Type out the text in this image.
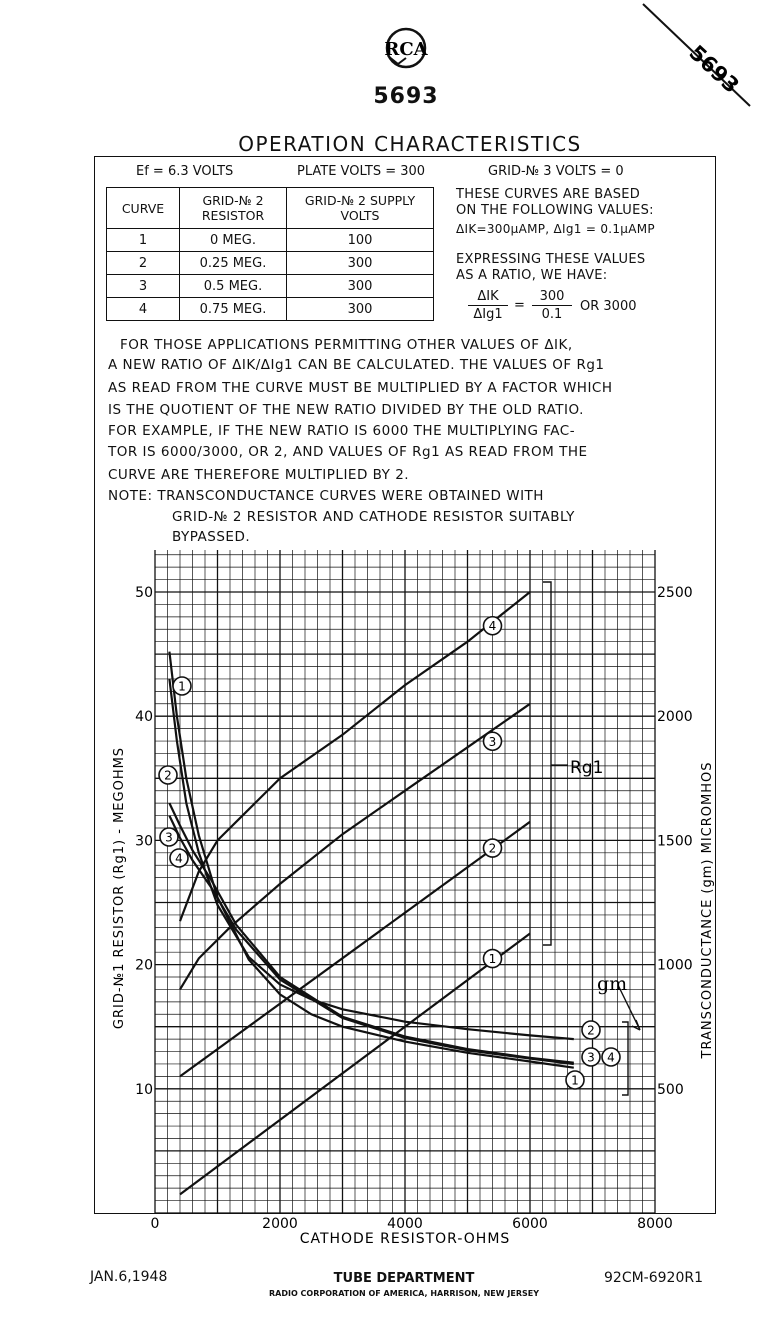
5693
RCA
5693
OPERATION CHARACTERISTICS
Ef = 6.3 VOLTS	PLATE VOLTS = 300	GRID-№ 3 VOLTS = 0
CURVE	GRID-№ 2 RESISTOR	GRID-№ 2 SUPPLY VOLTS
1	0 MEG.	100
2	0.25 MEG.	300
3	0.5 MEG.	300
4	0.75 MEG.	300
THESE CURVES ARE BASED
ON THE FOLLOWING VALUES:
ΔIK=300μAMP, ΔIg1 = 0.1μAMP
EXPRESSING THESE VALUES
AS A RATIO, WE HAVE:
ΔIK
ΔIg1
=
300
0.1
OR 3000
FOR THOSE APPLICATIONS PERMITTING OTHER VALUES OF ΔIK,
A NEW RATIO OF ΔIK/ΔIg1 CAN BE CALCULATED. THE VALUES OF Rg1
AS READ FROM THE CURVE MUST BE MULTIPLIED BY A FACTOR WHICH
IS THE QUOTIENT OF THE NEW RATIO DIVIDED BY THE OLD RATIO.
FOR EXAMPLE, IF THE NEW RATIO IS 6000 THE MULTIPLYING FAC-
TOR IS 6000/3000, OR 2, AND VALUES OF Rg1 AS READ FROM THE
CURVE ARE THEREFORE MULTIPLIED BY 2.
NOTE: TRANSCONDUCTANCE CURVES WERE OBTAINED WITH
GRID-№ 2 RESISTOR AND CATHODE RESISTOR SUITABLY
BYPASSED.
0	2000	4000	6000	8000
10
20
30
40
50
500
1000
1500
2000
2500
CATHODE RESISTOR-OHMS
GRID-№1 RESISTOR (Rg1) - MEGOHMS	TRANSCONDUCTANCE (gm) MICROMHOS
1
2
3
4
1
2
3
4
1
2
3 4
Rg1
gm
JAN.6,1948	TUBE DEPARTMENT
RADIO CORPORATION OF AMERICA, HARRISON, NEW JERSEY
92CM-6920R1
